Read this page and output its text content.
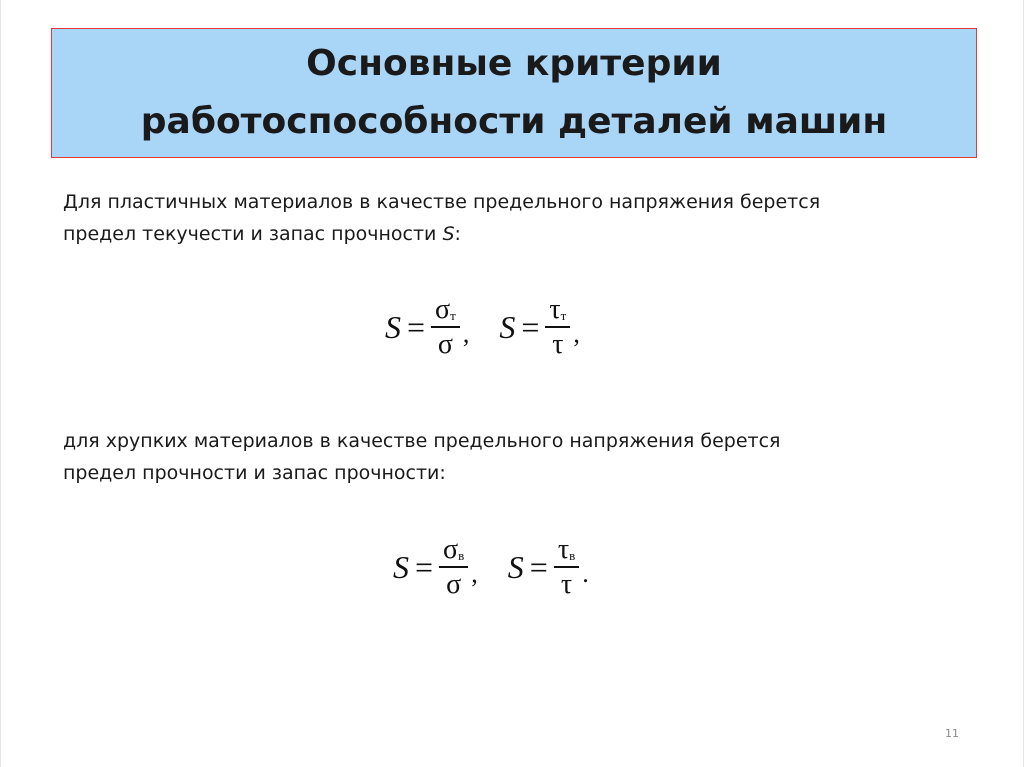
Основные критерии
работоспособности деталей машин
Для пластичных материалов в качестве предельного напряжения берется
предел текучести и запас прочности S:
$S = \frac{\sigma_т}{\sigma}$ , $S = \frac{\tau_т}{\tau}$ ,
для хрупких материалов в качестве предельного напряжения берется
предел прочности и запас прочности:
$S = \frac{\sigma_в}{\sigma}$ , $S = \frac{\tau_в}{\tau}$ .
11
